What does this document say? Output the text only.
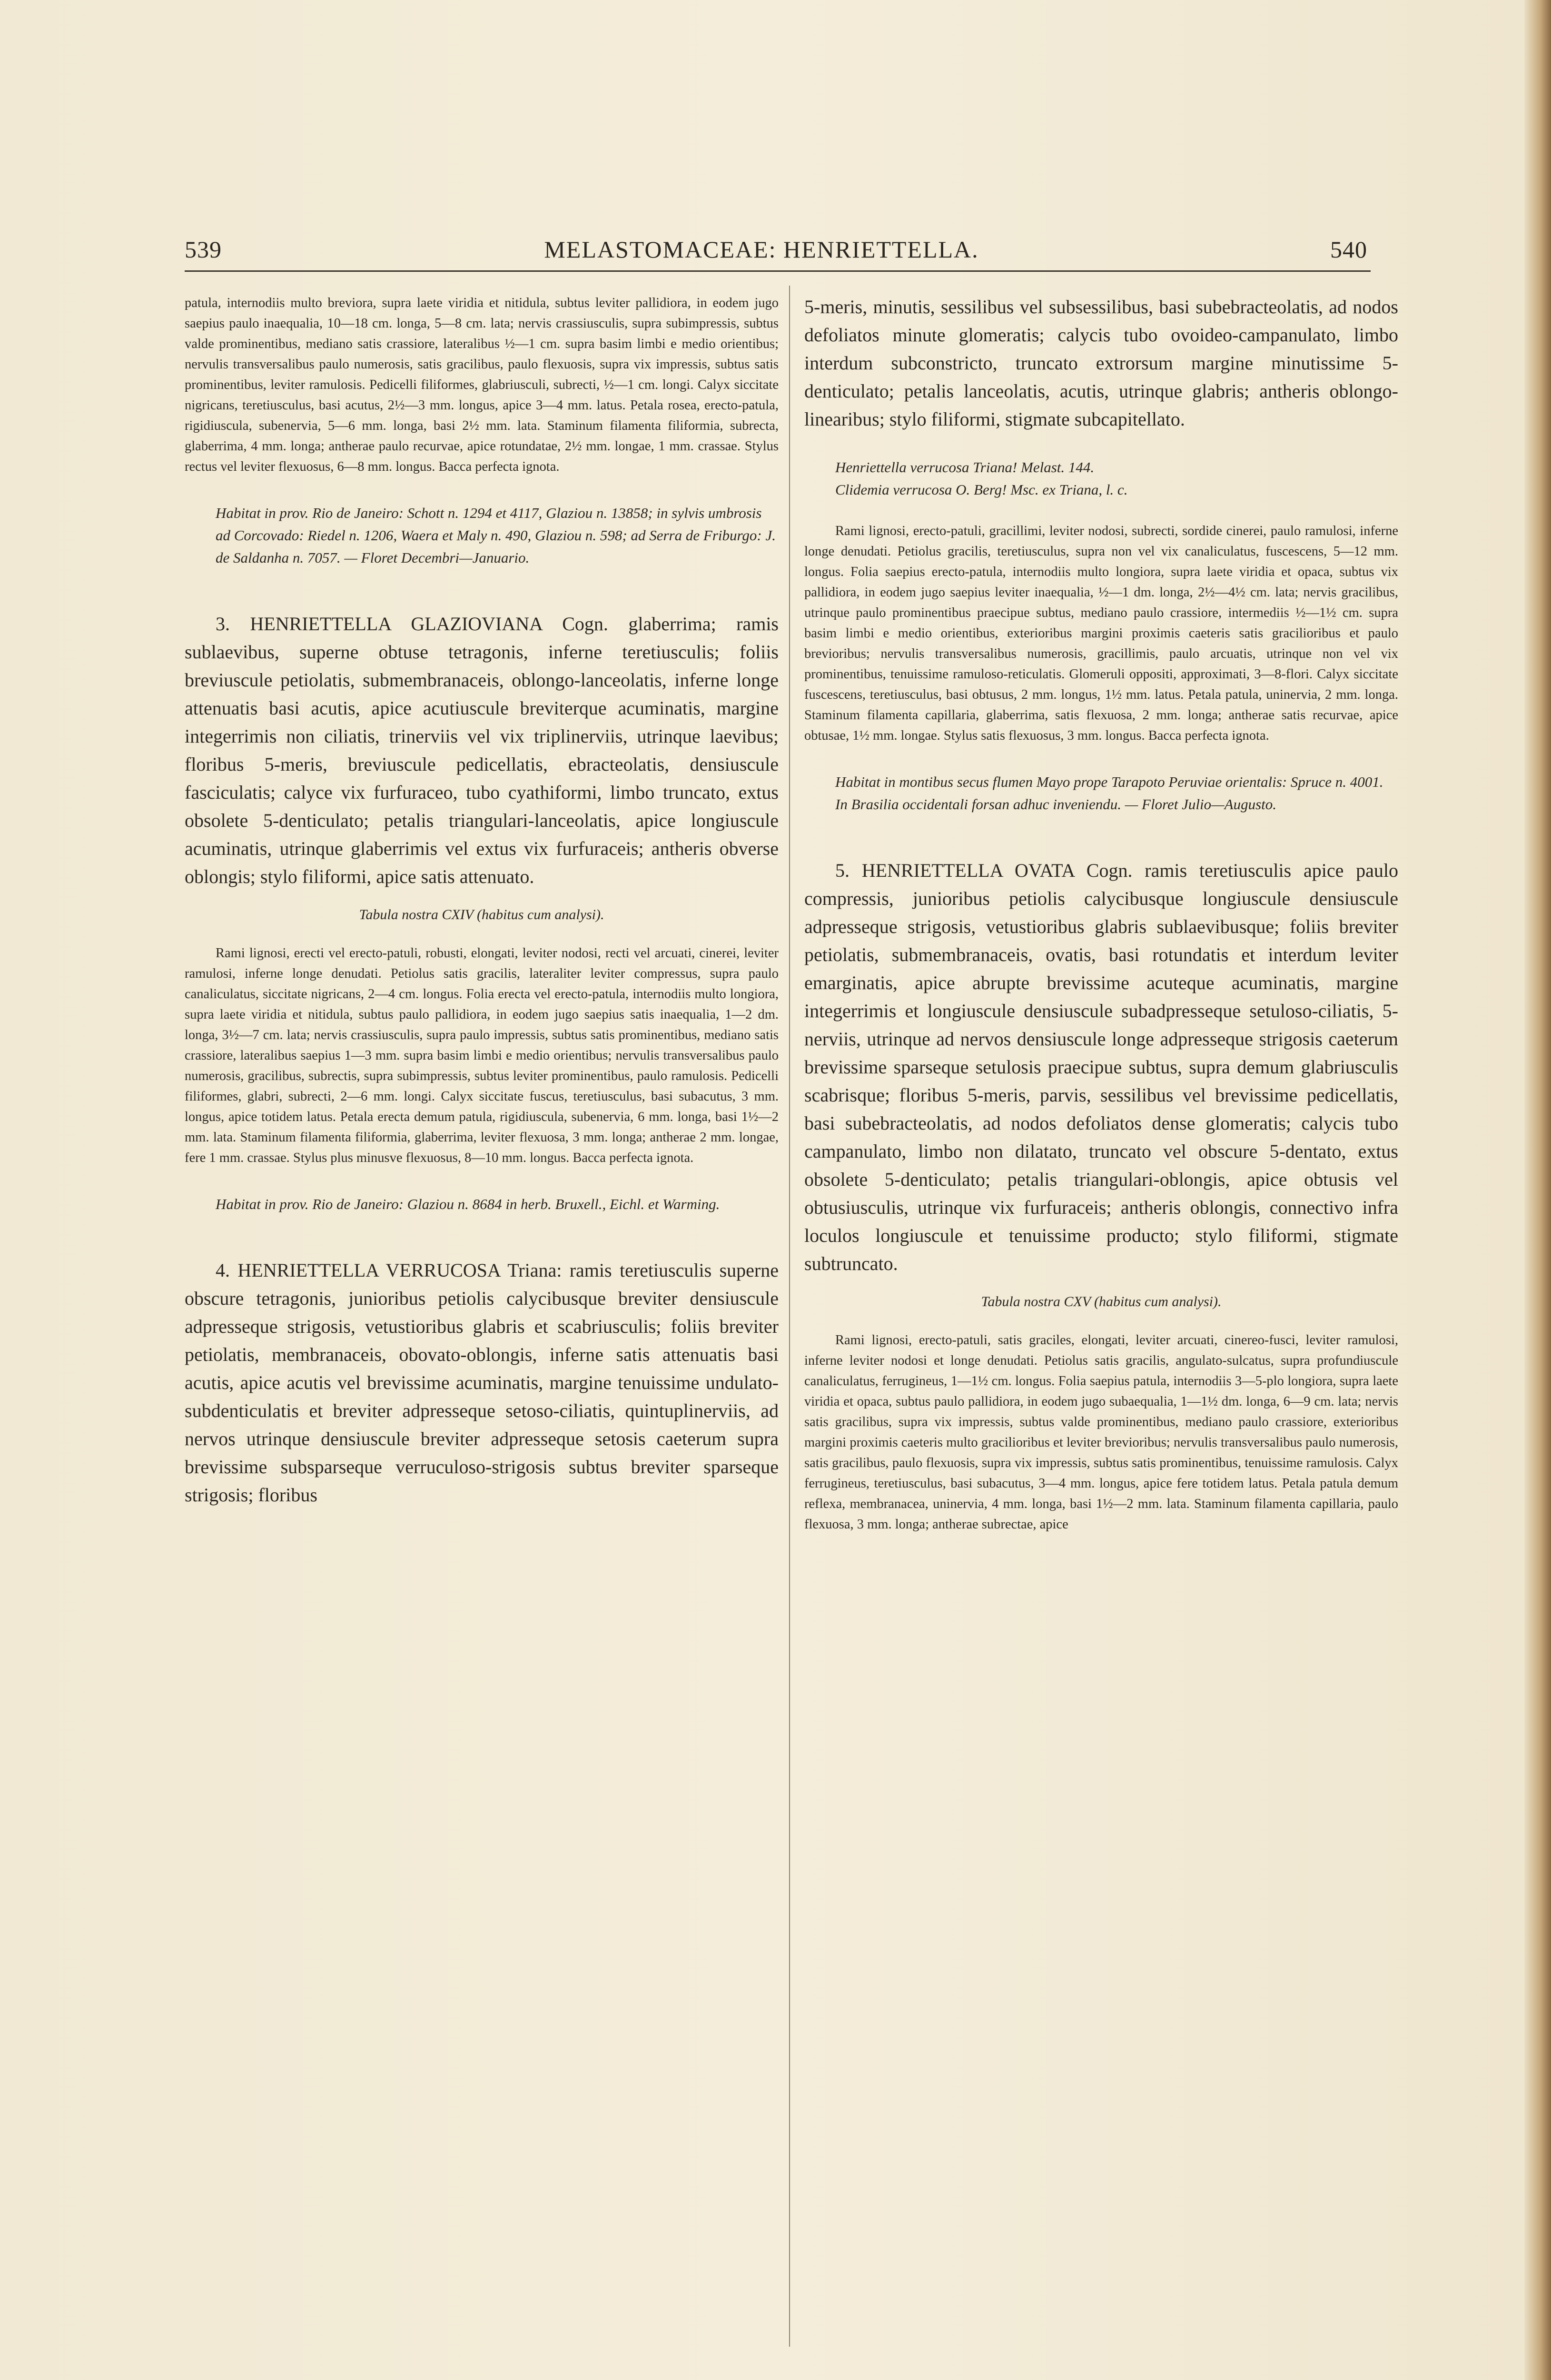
539	MELASTOMACEAE: HENRIETTELLA.	540

patula, internodiis multo breviora, supra laete viridia et nitidula, subtus leviter pallidiora, in eodem jugo saepius paulo inaequalia, 10—18 cm. longa, 5—8 cm. lata; nervis crassiusculis, supra subimpressis, subtus valde prominentibus, mediano satis crassiore, lateralibus ½—1 cm. supra basim limbi e medio orientibus; nervulis transversalibus paulo numerosis, satis gracilibus, paulo flexuosis, supra vix impressis, subtus satis prominentibus, leviter ramulosis. Pedicelli filiformes, glabriusculi, subrecti, ½—1 cm. longi. Calyx siccitate nigricans, teretiusculus, basi acutus, 2½—3 mm. longus, apice 3—4 mm. latus. Petala rosea, erecto-patula, rigidiuscula, subenervia, 5—6 mm. longa, basi 2½ mm. lata. Staminum filamenta filiformia, subrecta, glaberrima, 4 mm. longa; antherae paulo recurvae, apice rotundatae, 2½ mm. longae, 1 mm. crassae. Stylus rectus vel leviter flexuosus, 6—8 mm. longus. Bacca perfecta ignota.

Habitat in prov. Rio de Janeiro: Schott n. 1294 et 4117, Glaziou n. 13858; in sylvis umbrosis ad Corcovado: Riedel n. 1206, Waera et Maly n. 490, Glaziou n. 598; ad Serra de Friburgo: J. de Saldanha n. 7057. — Floret Decembri—Januario.

3. HENRIETTELLA GLAZIOVIANA Cogn. glaberrima; ramis sublaevibus, superne obtuse tetragonis, inferne teretiusculis; foliis breviuscule petiolatis, submembranaceis, oblongo-lanceolatis, inferne longe attenuatis basi acutis, apice acutiuscule breviterque acuminatis, margine integerrimis non ciliatis, trinerviis vel vix triplinerviis, utrinque laevibus; floribus 5-meris, breviuscule pedicellatis, ebracteolatis, densiuscule fasciculatis; calyce vix furfuraceo, tubo cyathiformi, limbo truncato, extus obsolete 5-denticulato; petalis triangulari-lanceolatis, apice longiuscule acuminatis, utrinque glaberrimis vel extus vix furfuraceis; antheris obverse oblongis; stylo filiformi, apice satis attenuato.

Tabula nostra CXIV (habitus cum analysi).

Rami lignosi, erecti vel erecto-patuli, robusti, elongati, leviter nodosi, recti vel arcuati, cinerei, leviter ramulosi, inferne longe denudati. Petiolus satis gracilis, lateraliter leviter compressus, supra paulo canaliculatus, siccitate nigricans, 2—4 cm. longus. Folia erecta vel erecto-patula, internodiis multo longiora, supra laete viridia et nitidula, subtus paulo pallidiora, in eodem jugo saepius satis inaequalia, 1—2 dm. longa, 3½—7 cm. lata; nervis crassiusculis, supra paulo impressis, subtus satis prominentibus, mediano satis crassiore, lateralibus saepius 1—3 mm. supra basim limbi e medio orientibus; nervulis transversalibus paulo numerosis, gracilibus, subrectis, supra subimpressis, subtus leviter prominentibus, paulo ramulosis. Pedicelli filiformes, glabri, subrecti, 2—6 mm. longi. Calyx siccitate fuscus, teretiusculus, basi subacutus, 3 mm. longus, apice totidem latus. Petala erecta demum patula, rigidiuscula, subenervia, 6 mm. longa, basi 1½—2 mm. lata. Staminum filamenta filiformia, glaberrima, leviter flexuosa, 3 mm. longa; antherae 2 mm. longae, fere 1 mm. crassae. Stylus plus minusve flexuosus, 8—10 mm. longus. Bacca perfecta ignota.

Habitat in prov. Rio de Janeiro: Glaziou n. 8684 in herb. Bruxell., Eichl. et Warming.

4. HENRIETTELLA VERRUCOSA Triana: ramis teretiusculis superne obscure tetragonis, junioribus petiolis calycibusque breviter densiuscule adpresseque strigosis, vetustioribus glabris et scabriusculis; foliis breviter petiolatis, membranaceis, obovato-oblongis, inferne satis attenuatis basi acutis, apice acutis vel brevissime acuminatis, margine tenuissime undulato-subdenticulatis et breviter adpresseque setoso-ciliatis, quintuplinerviis, ad nervos utrinque densiuscule breviter adpresseque setosis caeterum supra brevissime subsparseque verruculoso-strigosis subtus breviter sparseque strigosis; floribus

5-meris, minutis, sessilibus vel subsessilibus, basi subebracteolatis, ad nodos defoliatos minute glomeratis; calycis tubo ovoideo-campanulato, limbo interdum subconstricto, truncato extrorsum margine minutissime 5-denticulato; petalis lanceolatis, acutis, utrinque glabris; antheris oblongo-linearibus; stylo filiformi, stigmate subcapitellato.

Henriettella verrucosa Triana! Melast. 144.

Clidemia verrucosa O. Berg! Msc. ex Triana, l. c.

Rami lignosi, erecto-patuli, gracillimi, leviter nodosi, subrecti, sordide cinerei, paulo ramulosi, inferne longe denudati. Petiolus gracilis, teretiusculus, supra non vel vix canaliculatus, fuscescens, 5—12 mm. longus. Folia saepius erecto-patula, internodiis multo longiora, supra laete viridia et opaca, subtus vix pallidiora, in eodem jugo saepius leviter inaequalia, ½—1 dm. longa, 2½—4½ cm. lata; nervis gracilibus, utrinque paulo prominentibus praecipue subtus, mediano paulo crassiore, intermediis ½—1½ cm. supra basim limbi e medio orientibus, exterioribus margini proximis caeteris satis gracilioribus et paulo brevioribus; nervulis transversalibus numerosis, gracillimis, paulo arcuatis, utrinque non vel vix prominentibus, tenuissime ramuloso-reticulatis. Glomeruli oppositi, approximati, 3—8-flori. Calyx siccitate fuscescens, teretiusculus, basi obtusus, 2 mm. longus, 1½ mm. latus. Petala patula, uninervia, 2 mm. longa. Staminum filamenta capillaria, glaberrima, satis flexuosa, 2 mm. longa; antherae satis recurvae, apice obtusae, 1½ mm. longae. Stylus satis flexuosus, 3 mm. longus. Bacca perfecta ignota.

Habitat in montibus secus flumen Mayo prope Tarapoto Peruviae orientalis: Spruce n. 4001. In Brasilia occidentali forsan adhuc inveniendu. — Floret Julio—Augusto.

5. HENRIETTELLA OVATA Cogn. ramis teretiusculis apice paulo compressis, junioribus petiolis calycibusque longiuscule densiuscule adpresseque strigosis, vetustioribus glabris sublaevibusque; foliis breviter petiolatis, submembranaceis, ovatis, basi rotundatis et interdum leviter emarginatis, apice abrupte brevissime acuteque acuminatis, margine integerrimis et longiuscule densiuscule subadpresseque setuloso-ciliatis, 5-nerviis, utrinque ad nervos densiuscule longe adpresseque strigosis caeterum brevissime sparseque setulosis praecipue subtus, supra demum glabriusculis scabrisque; floribus 5-meris, parvis, sessilibus vel brevissime pedicellatis, basi subebracteolatis, ad nodos defoliatos dense glomeratis; calycis tubo campanulato, limbo non dilatato, truncato vel obscure 5-dentato, extus obsolete 5-denticulato; petalis triangulari-oblongis, apice obtusis vel obtusiusculis, utrinque vix furfuraceis; antheris oblongis, connectivo infra loculos longiuscule et tenuissime producto; stylo filiformi, stigmate subtruncato.

Tabula nostra CXV (habitus cum analysi).

Rami lignosi, erecto-patuli, satis graciles, elongati, leviter arcuati, cinereo-fusci, leviter ramulosi, inferne leviter nodosi et longe denudati. Petiolus satis gracilis, angulato-sulcatus, supra profundiuscule canaliculatus, ferrugineus, 1—1½ cm. longus. Folia saepius patula, internodiis 3—5-plo longiora, supra laete viridia et opaca, subtus paulo pallidiora, in eodem jugo subaequalia, 1—1½ dm. longa, 6—9 cm. lata; nervis satis gracilibus, supra vix impressis, subtus valde prominentibus, mediano paulo crassiore, exterioribus margini proximis caeteris multo gracilioribus et leviter brevioribus; nervulis transversalibus paulo numerosis, satis gracilibus, paulo flexuosis, supra vix impressis, subtus satis prominentibus, tenuissime ramulosis. Calyx ferrugineus, teretiusculus, basi subacutus, 3—4 mm. longus, apice fere totidem latus. Petala patula demum reflexa, membranacea, uninervia, 4 mm. longa, basi 1½—2 mm. lata. Staminum filamenta capillaria, paulo flexuosa, 3 mm. longa; antherae subrectae, apice
